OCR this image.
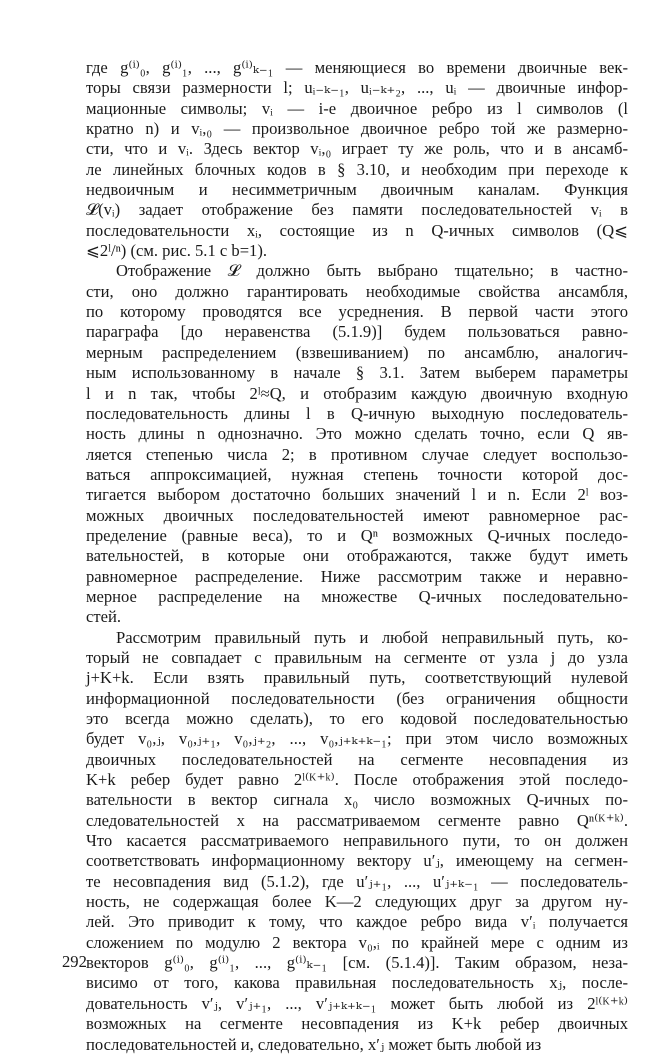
где g⁽ⁱ⁾₀, g⁽ⁱ⁾₁, ..., g⁽ⁱ⁾ₖ₋₁ — меняющиеся во времени двоичные век-
торы связи размерности l; uᵢ₋ₖ₋₁, uᵢ₋ₖ₊₂, ..., uᵢ — двоичные инфор-
мационные символы; vᵢ — i-е двоичное ребро из l символов (l
кратно n) и vᵢ,₀ — произвольное двоичное ребро той же размерно-
сти, что и vᵢ. Здесь вектор vᵢ,₀ играет ту же роль, что и в ансамб-
ле линейных блочных кодов в § 3.10, и необходим при переходе к
недвоичным и несимметричным двоичным каналам. Функция
𝓛(vᵢ) задает отображение без памяти последовательностей vᵢ в
последовательности xᵢ, состоящие из n Q-ичных символов (Q⩽
⩽2ˡ/ⁿ) (см. рис. 5.1 с b=1).
Отображение 𝓛 должно быть выбрано тщательно; в частно-
сти, оно должно гарантировать необходимые свойства ансамбля,
по которому проводятся все усреднения. В первой части этого
параграфа [до неравенства (5.1.9)] будем пользоваться равно-
мерным распределением (взвешиванием) по ансамблю, аналогич-
ным использованному в начале § 3.1. Затем выберем параметры
l и n так, чтобы 2ˡ≈Q, и отобразим каждую двоичную входную
последовательность длины l в Q-ичную выходную последователь-
ность длины n однозначно. Это можно сделать точно, если Q яв-
ляется степенью числа 2; в противном случае следует воспользо-
ваться аппроксимацией, нужная степень точности которой дос-
тигается выбором достаточно больших значений l и n. Если 2ˡ воз-
можных двоичных последовательностей имеют равномерное рас-
пределение (равные веса), то и Qⁿ возможных Q-ичных последо-
вательностей, в которые они отображаются, также будут иметь
равномерное распределение. Ниже рассмотрим также и неравно-
мерное распределение на множестве Q-ичных последовательно-
стей.
Рассмотрим правильный путь и любой неправильный путь, ко-
торый не совпадает с правильным на сегменте от узла j до узла
j+K+k. Если взять правильный путь, соответствующий нулевой
информационной последовательности (без ограничения общности
это всегда можно сделать), то его кодовой последовательностью
будет v₀,ⱼ, v₀,ⱼ₊₁, v₀,ⱼ₊₂, ..., v₀,ⱼ₊ₖ₊ₖ₋₁; при этом число возможных
двоичных последовательностей на сегменте несовпадения из
K+k ребер будет равно 2ˡ⁽ᴷ⁺ᵏ⁾. После отображения этой последо-
вательности в вектор сигнала x₀ число возможных Q-ичных по-
следовательностей x на рассматриваемом сегменте равно Qⁿ⁽ᴷ⁺ᵏ⁾.
Что касается рассматриваемого неправильного пути, то он должен
соответствовать информационному вектору u′ⱼ, имеющему на сегмен-
те несовпадения вид (5.1.2), где u′ⱼ₊₁, ..., u′ⱼ₊ₖ₋₁ — последователь-
ность, не содержащая более K—2 следующих друг за другом ну-
лей. Это приводит к тому, что каждое ребро вида v′ᵢ получается
сложением по модулю 2 вектора v₀,ᵢ по крайней мере с одним из
векторов g⁽ⁱ⁾₀, g⁽ⁱ⁾₁, ..., g⁽ⁱ⁾ₖ₋₁ [см. (5.1.4)]. Таким образом, неза-
висимо от того, какова правильная последовательность xⱼ, после-
довательность v′ⱼ, v′ⱼ₊₁, ..., v′ⱼ₊ₖ₊ₖ₋₁ может быть любой из 2ˡ⁽ᴷ⁺ᵏ⁾
возможных на сегменте несовпадения из K+k ребер двоичных
последовательностей и, следовательно, x′ⱼ может быть любой из
292
